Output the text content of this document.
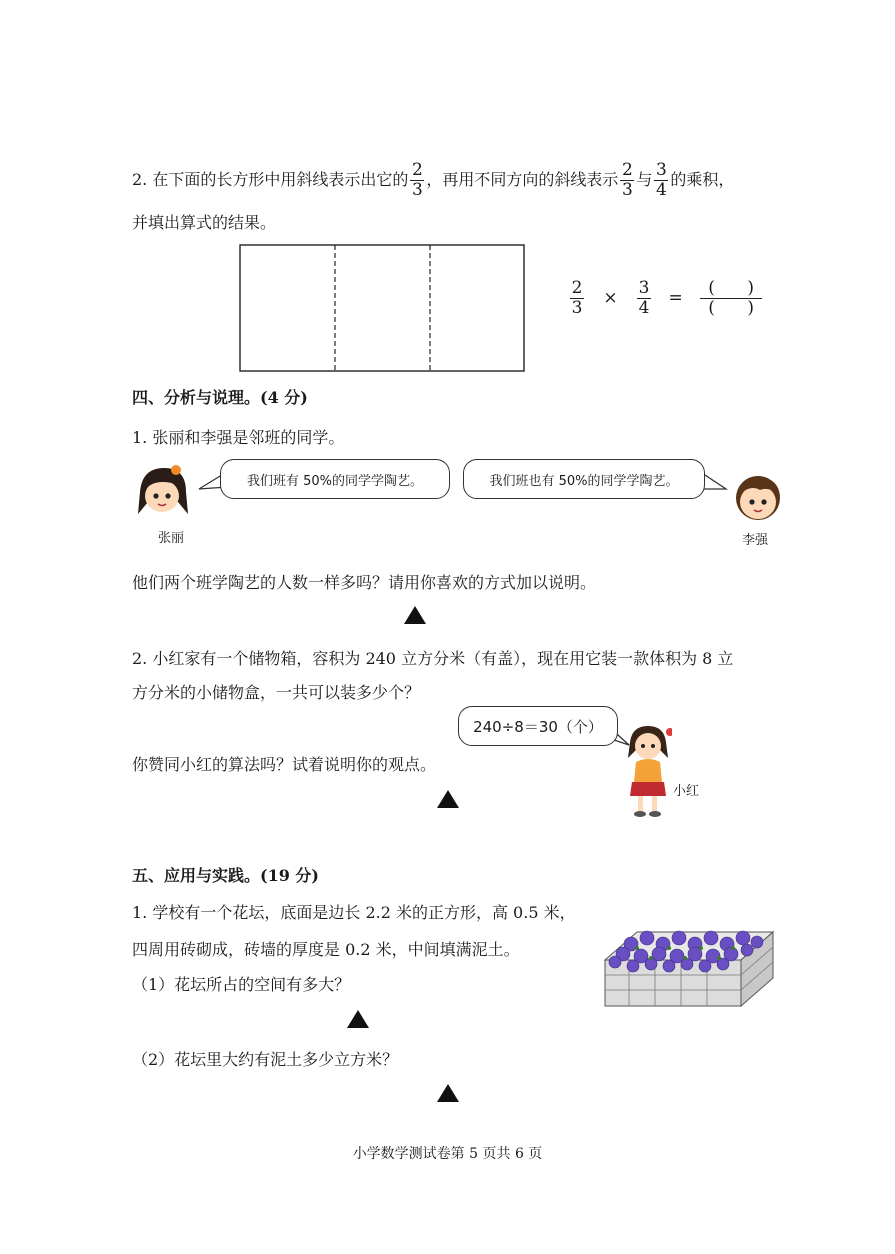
2. 在下面的长方形中用斜线表示出它的 $\frac{2}{3}$ ，再用不同方向的斜线表示 $\frac{2}{3}$ 与 $\frac{3}{4}$ 的乘积，
并填出算式的结果。
$\frac{2}{3} \times \frac{3}{4} = \frac{( )}{( )}$
四、分析与说理。(4 分)
1. 张丽和李强是邻班的同学。
张丽
我们班有 50%的同学学陶艺。	我们班也有 50%的同学学陶艺。
李强
他们两个班学陶艺的人数一样多吗？请用你喜欢的方式加以说明。
2. 小红家有一个储物箱，容积为 240 立方分米（有盖），现在用它装一款体积为 8 立
方分米的小储物盒，一共可以装多少个？
240÷8＝30（个）
小红
你赞同小红的算法吗？试着说明你的观点。
五、应用与实践。(19 分)
1. 学校有一个花坛，底面是边长 2.2 米的正方形，高 0.5 米，
四周用砖砌成，砖墙的厚度是 0.2 米，中间填满泥土。
（1）花坛所占的空间有多大？
（2）花坛里大约有泥土多少立方米？
小学数学测试卷第 5 页共 6 页
